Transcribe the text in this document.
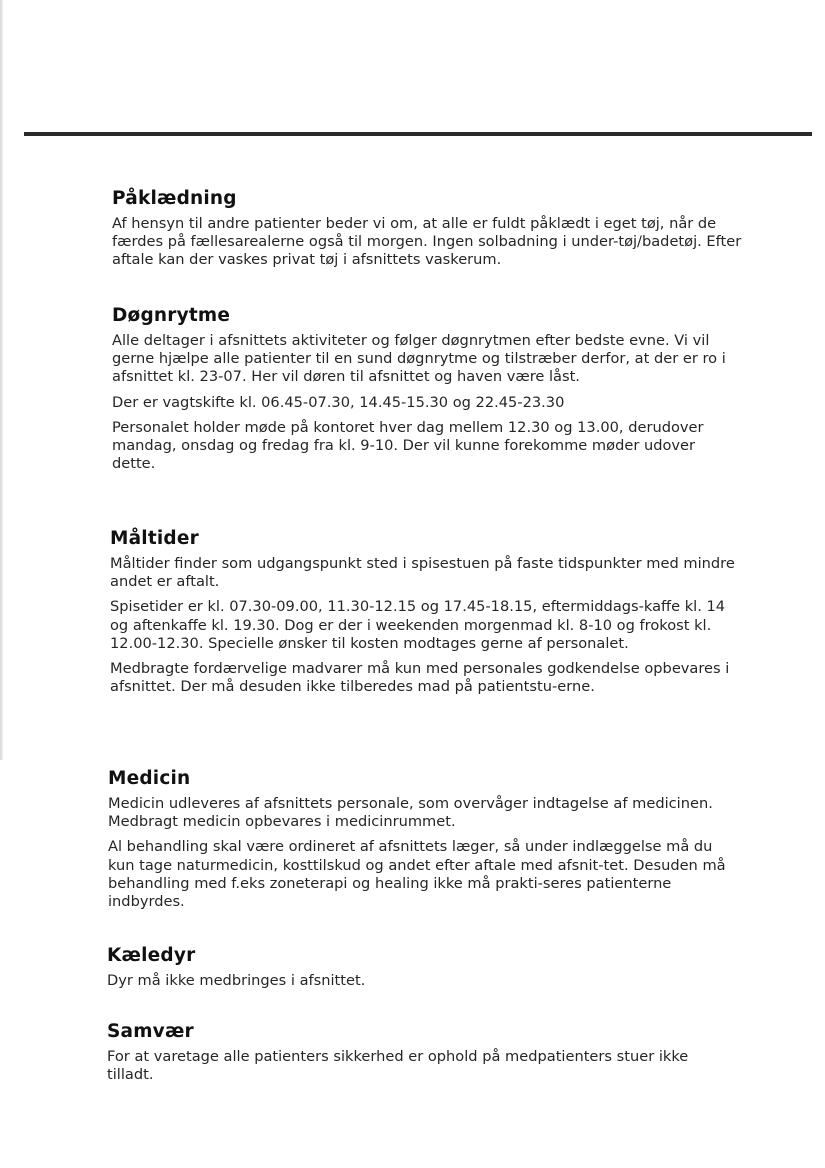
Påklædning

Af hensyn til andre patienter beder vi om, at alle er fuldt påklædt i eget tøj, når de færdes på fællesarealerne også til morgen. Ingen solbadning i under-tøj/badetøj. Efter aftale kan der vaskes privat tøj i afsnittets vaskerum.

Døgnrytme

Alle deltager i afsnittets aktiviteter og følger døgnrytmen efter bedste evne. Vi vil gerne hjælpe alle patienter til en sund døgnrytme og tilstræber derfor, at der er ro i afsnittet kl. 23-07. Her vil døren til afsnittet og haven være låst.

Der er vagtskifte kl. 06.45-07.30, 14.45-15.30 og 22.45-23.30

Personalet holder møde på kontoret hver dag mellem 12.30 og 13.00, derudover mandag, onsdag og fredag fra kl. 9-10. Der vil kunne forekomme møder udover dette.

Måltider

Måltider finder som udgangspunkt sted i spisestuen på faste tidspunkter med mindre andet er aftalt.

Spisetider er kl. 07.30-09.00, 11.30-12.15 og 17.45-18.15, eftermiddags-kaffe kl. 14 og aftenkaffe kl. 19.30. Dog er der i weekenden morgenmad kl. 8-10 og frokost kl. 12.00-12.30. Specielle ønsker til kosten modtages gerne af personalet.

Medbragte fordærvelige madvarer må kun med personales godkendelse opbevares i afsnittet. Der må desuden ikke tilberedes mad på patientstu-erne.

Medicin

Medicin udleveres af afsnittets personale, som overvåger indtagelse af medicinen. Medbragt medicin opbevares i medicinrummet.

Al behandling skal være ordineret af afsnittets læger, så under indlæggelse må du kun tage naturmedicin, kosttilskud og andet efter aftale med afsnit-tet. Desuden må behandling med f.eks zoneterapi og healing ikke må prakti-seres patienterne indbyrdes.

Kæledyr

Dyr må ikke medbringes i afsnittet.

Samvær

For at varetage alle patienters sikkerhed er ophold på medpatienters stuer ikke tilladt.
